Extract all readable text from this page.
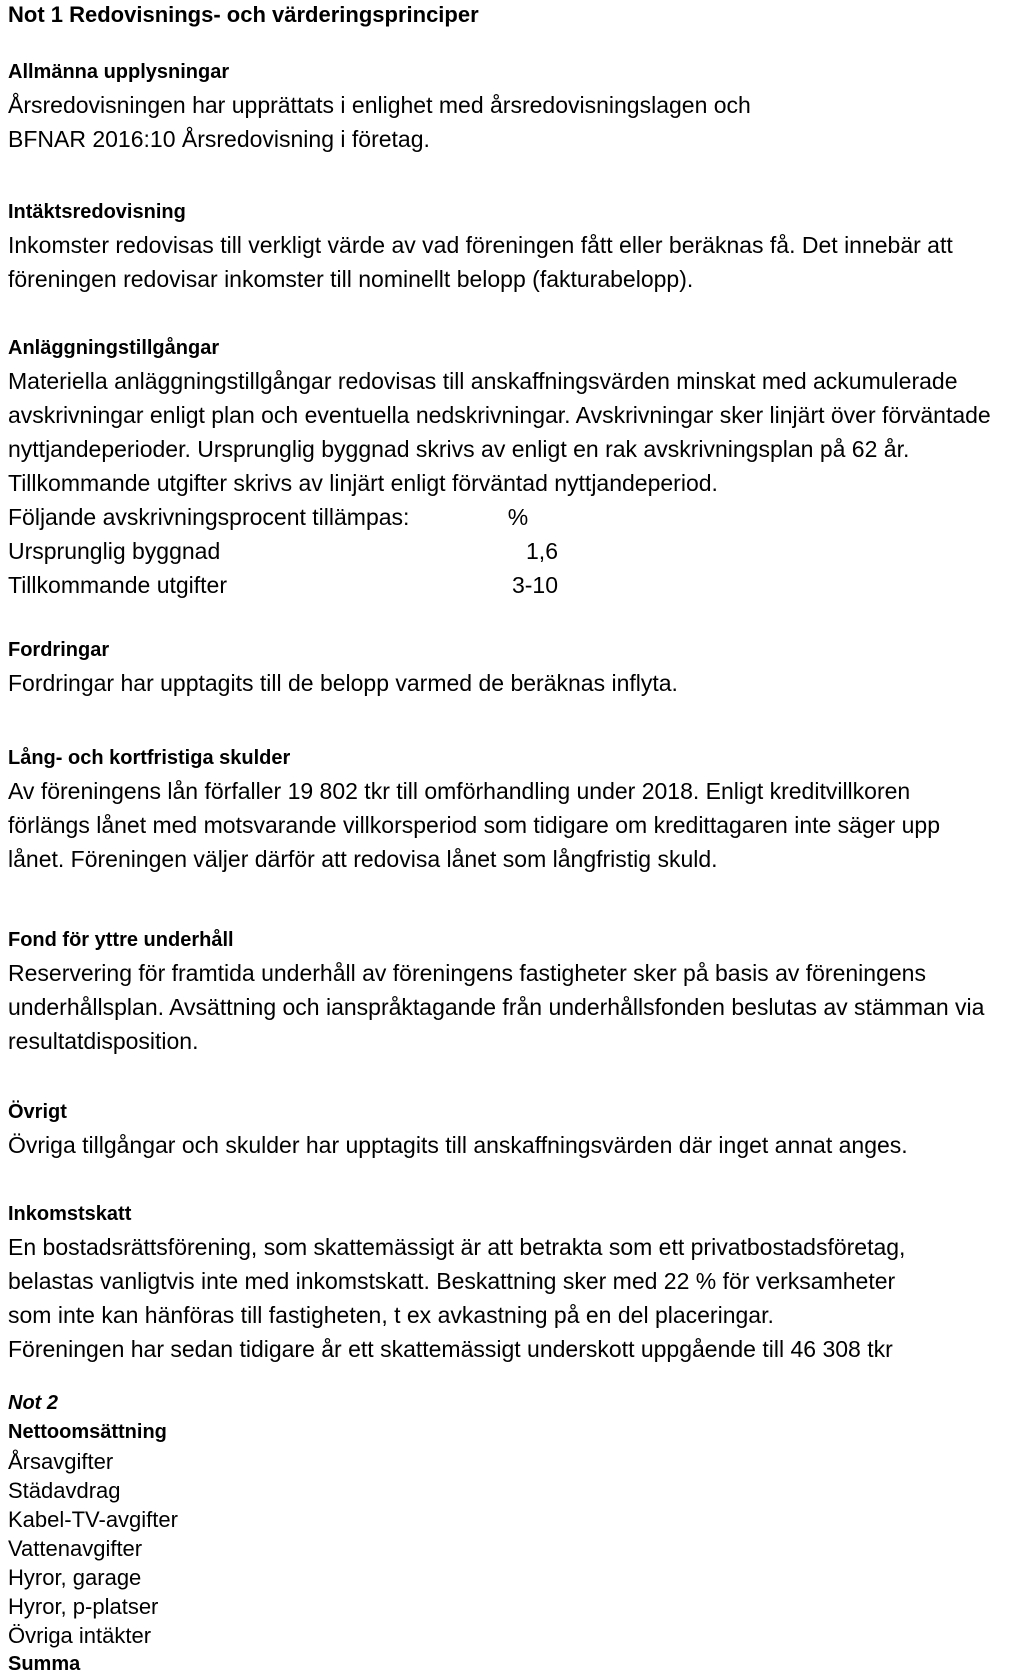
Not 1 Redovisnings- och värderingsprinciper
Allmänna upplysningar
Årsredovisningen har upprättats i enlighet med årsredovisningslagen och
BFNAR 2016:10 Årsredovisning i företag.
Intäktsredovisning
Inkomster redovisas till verkligt värde av vad föreningen fått eller beräknas få. Det innebär att
föreningen redovisar inkomster till nominellt belopp (fakturabelopp).
Anläggningstillgångar
Materiella anläggningstillgångar redovisas till anskaffningsvärden minskat med ackumulerade
avskrivningar enligt plan och eventuella nedskrivningar. Avskrivningar sker linjärt över förväntade
nyttjandeperioder. Ursprunglig byggnad skrivs av enligt en rak avskrivningsplan på 62 år.
Tillkommande utgifter skrivs av linjärt enligt förväntad nyttjandeperiod.
Följande avskrivningsprocent tillämpas:	%
Ursprunglig byggnad	1,6
Tillkommande utgifter	3-10
Fordringar
Fordringar har upptagits till de belopp varmed de beräknas inflyta.
Lång- och kortfristiga skulder
Av föreningens lån förfaller 19 802 tkr till omförhandling under 2018. Enligt kreditvillkoren
förlängs lånet med motsvarande villkorsperiod som tidigare om kredittagaren inte säger upp
lånet. Föreningen väljer därför att redovisa lånet som långfristig skuld.
Fond för yttre underhåll
Reservering för framtida underhåll av föreningens fastigheter sker på basis av föreningens
underhållsplan. Avsättning och ianspråktagande från underhållsfonden beslutas av stämman via
resultatdisposition.
Övrigt
Övriga tillgångar och skulder har upptagits till anskaffningsvärden där inget annat anges.
Inkomstskatt
En bostadsrättsförening, som skattemässigt är att betrakta som ett privatbostadsföretag,
belastas vanligtvis inte med inkomstskatt. Beskattning sker med 22 % för verksamheter
som inte kan hänföras till fastigheten, t ex avkastning på en del placeringar.
Föreningen har sedan tidigare år ett skattemässigt underskott uppgående till 46 308 tkr
Not 2
Nettoomsättning
Årsavgifter
Städavdrag
Kabel-TV-avgifter
Vattenavgifter
Hyror, garage
Hyror, p-platser
Övriga intäkter
Summa
